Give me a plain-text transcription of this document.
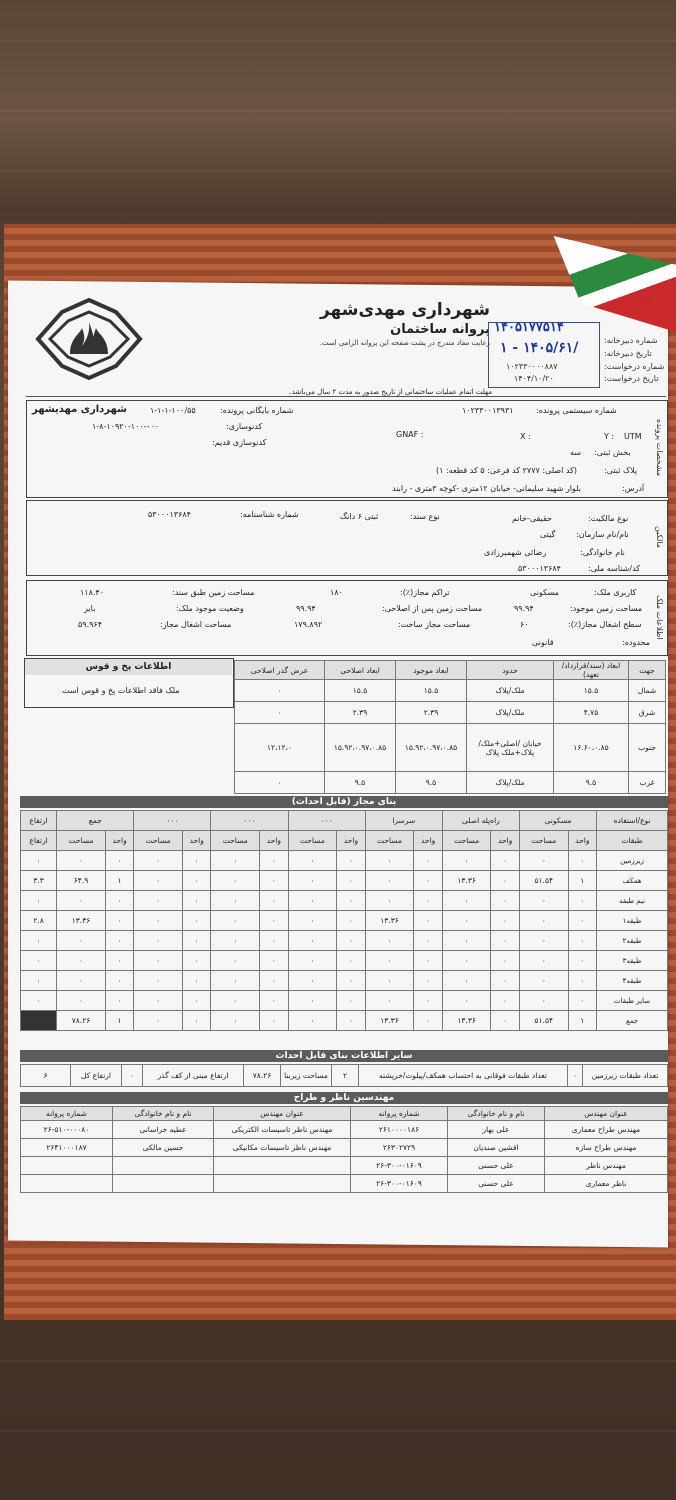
☫
شهرداری مهدی‌شهر
پروانه ساختمان
رعایت مفاد مندرج در پشت صفحه این پروانه الزامی است.
۱۴۰۵۱۷۷۵۱۴
۱ - ۱۴۰۵/۶۱/
۱۰۲۳۳۰۰۰۰۸۸۷
۱۴۰۴/۱۰/۲۰
شماره دبیرخانه:
تاریخ دبیرخانه:
شماره درخواست:
تاریخ درخواست:
مهلت اتمام عملیات ساختمانی از تاریخ صدور به مدت ۲ سال می‌باشد.
مشخصات پرونده
شماره سیستمی پرونده:
۱۰۲۳۳۰۰۱۳۹۳۱
شماره بایگانی پرونده:
۱-۱-۱-۱۰۰/۵۵
شهرداری مهدیشهر
کدنوسازی:
۱-۸-۱۰۹۲۰-۱۰۰-۰۰۰
کدنوسازی قدیم:
UTM
Y :
X :
GNAF :
بخش ثبتی:
سه
پلاک ثبتی:
(کد اصلی: ۲۷۷۷ کد فرعی: ۵ کد قطعه: ۱)
آدرس:
بلوار شهید سلیمانی- خیابان ۱۲متری -کوچه ۳متری - رابند
مالکین
نوع مالکیت:
حقیقی-خانم
نوع سند:
ثبتی ۶ دانگ
شماره شناسنامه:
۵۳۰۰۰۱۳۶۸۴
نام/نام سازمان:
گیتی
نام خانوادگی:
رضائی شهمیرزادی
کد/شناسه ملی:
۵۳۰۰۰۱۳۶۸۴
اطلاعات ملک
کاربری ملک:
مسکونی
تراکم مجاز(٪):
۱۸۰
مساحت زمین طبق سند:
۱۱۸.۴۰
مساحت زمین موجود:
۹۹.۹۴
مساحت زمین پس از اصلاحی:
۹۹.۹۴
وضعیت موجود ملک:
بایر
سطح اشغال مجاز(٪):
۶۰
مساحت مجاز ساخت:
۱۷۹.۸۹۲
مساحت اشغال مجاز:
۵۹.۹۶۴
محدوده:
قانونی
اطلاعات پخ و قوس
ملک فاقد اطلاعات پخ و قوس است
جهت	ابعاد (سند/قرارداد/تعهد)	حدود	ابعاد موجود	ابعاد اصلاحی	عرض گذر اصلاحی
شمال	۱۵.۵	ملک/پلاک	۱۵.۵	۱۵.۵	۰
شرق	۴.۷۵	ملک/پلاک	۲.۳۹	۲.۳۹	۰
جنوب	۱۶.۶۰،۰.۸۵	خیابان /اصلی+ملک/پلاک+ملک پلاک	۱۵.۹۲،۰.۹۷،۰.۸۵	۱۵.۹۲،۰.۹۷،۰.۸۵	۱۲،۱۲،۰
غرب	۹.۵	ملک/پلاک	۹.۵	۹.۵	۰
بنای مجاز (قابل احداث)
نوع/استفاده	مسکونی		راه‌پله اصلی		سرسرا		۰۰۰		۰۰۰		۰۰۰		جمع		ارتفاع
طبقات	واحد	مساحت	واحد	مساحت	واحد	مساحت	واحد	مساحت	واحد	مساحت	واحد	مساحت	واحد	مساحت	ارتفاع
زیرزمین	۰	۰	۰	۰	۰	۰	۰	۰	۰	۰	۰	۰	۰	۰	۰
همکف	۱	۵۱.۵۴	۰	۱۳.۳۶	۰	۰	۰	۰	۰	۰	۰	۰	۱	۶۴.۹	۳.۳
نیم طبقه	۰	۰	۰	۰	۰	۰	۰	۰	۰	۰	۰	۰	۰	۰	۰
طبقه۱	۰	۰	۰	۰	۰	۱۳.۳۶	۰	۰	۰	۰	۰	۰	۰	۱۳.۳۶	۲.۸
طبقه۲	۰	۰	۰	۰	۰	۰	۰	۰	۰	۰	۰	۰	۰	۰	۰
طبقه۳	۰	۰	۰	۰	۰	۰	۰	۰	۰	۰	۰	۰	۰	۰	۰
طبقه۴	۰	۰	۰	۰	۰	۰	۰	۰	۰	۰	۰	۰	۰	۰	۰
سایر طبقات	۰	۰	۰	۰	۰	۰	۰	۰	۰	۰	۰	۰	۰	۰	۰
جمع	۱	۵۱.۵۴	۰	۱۳.۳۶	۰	۱۳.۳۶	۰	۰	۰	۰	۰	۰	۱	۷۸.۲۶	
سایر اطلاعات بنای قابل احداث
تعداد طبقات زیرزمین	۰	تعداد طبقات فوقانی به احتساب همکف/پیلوت/خرپشته	۲	مساحت زیربنا	۷۸.۲۶	ارتفاع مبنی از کف گذر	۰	ارتفاع کل	۶
مهندسین ناظر و طراح
عنوان مهندس	نام و نام خانوادگی	شماره پروانه	عنوان مهندس	نام و نام خانوادگی	شماره پروانه
مهندس طراح معماری	علی بهار	۲۶۱۰۰۰۰۱۸۶	مهندس ناظر تاسیسات الکتریکی	عطیه خراسانی	۲۶-۵۱۰-۰۰۰۸۰
مهندس طراح سازه	افشین صندیان	۲۶۳۰۲۷۲۹	مهندس ناظر تاسیسات مکانیکی	حسین مالکی	۲۶۴۱۰۰۰۱۸۷
مهندس ناظر	علی حسنی	۲۶-۳۰۰-۰۱۶۰۹			
ناظر معماری	علی حسنی	۲۶-۳۰۰-۰۱۶۰۹			
